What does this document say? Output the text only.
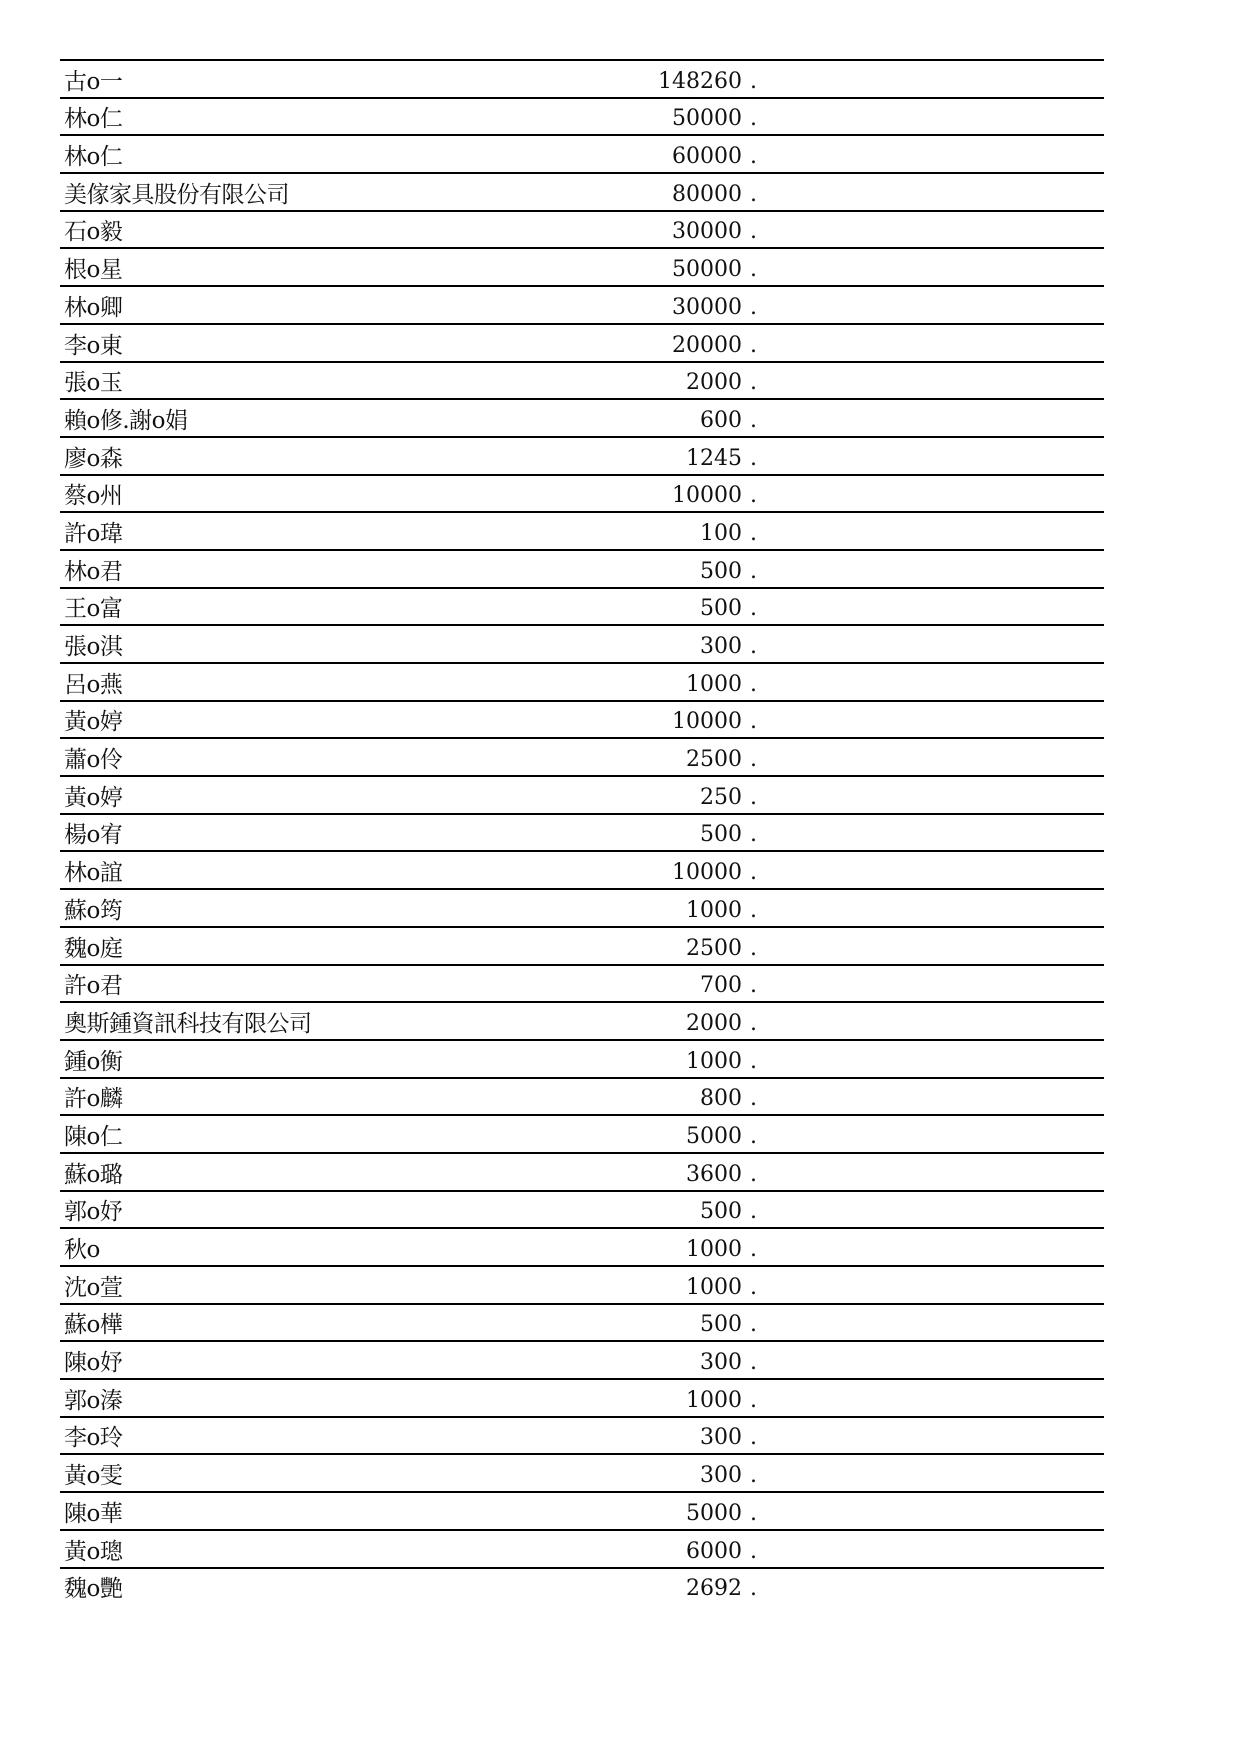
古o一	148260 .
林o仁	50000 .
林o仁	60000 .
美傢家具股份有限公司	80000 .
石o毅	30000 .
根o星	50000 .
林o卿	30000 .
李o東	20000 .
張o玉	2000 .
賴o修.謝o娟	600 .
廖o森	1245 .
蔡o州	10000 .
許o瑋	100 .
林o君	500 .
王o富	500 .
張o淇	300 .
呂o燕	1000 .
黃o婷	10000 .
蕭o伶	2500 .
黃o婷	250 .
楊o宥	500 .
林o誼	10000 .
蘇o筠	1000 .
魏o庭	2500 .
許o君	700 .
奧斯鍾資訊科技有限公司	2000 .
鍾o衡	1000 .
許o麟	800 .
陳o仁	5000 .
蘇o璐	3600 .
郭o妤	500 .
秋o	1000 .
沈o萱	1000 .
蘇o樺	500 .
陳o妤	300 .
郭o溱	1000 .
李o玲	300 .
黃o雯	300 .
陳o華	5000 .
黃o璁	6000 .
魏o艷	2692 .
